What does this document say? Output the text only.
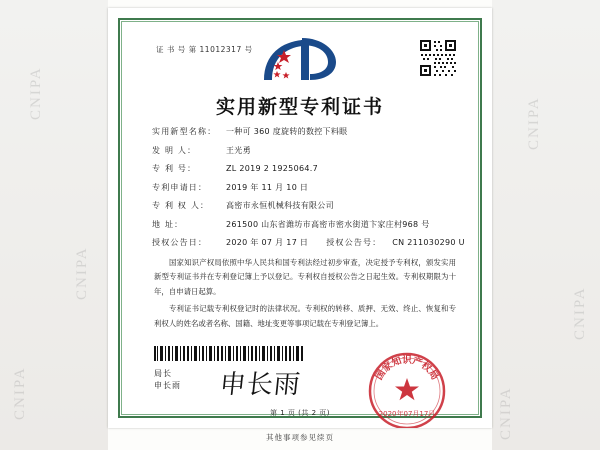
CNIPA
CNIPA
CNIPA
CNIPA
CNIPA
CNIPA
证 书 号 第 11012317 号
实用新型专利证书
实用新型名称：	一种可 360 度旋转的数控下料眼
发 明 人：	王光勇
专 利 号：	ZL 2019 2 1925064.7
专利申请日：	2019 年 11 月 10 日
专 利 权 人：	高密市永恒机械科技有限公司
地 址：	261500 山东省潍坊市高密市密水街道卞家庄村968 号
授权公告日：	2020 年 07 月 17 日 授权公告号：	CN 211030290 U

国家知识产权局依照中华人民共和国专利法经过初步审查，决定授予专利权，颁发实用新型专利证书并在专利登记簿上予以登记。专利权自授权公告之日起生效。专利权期限为十年，自申请日起算。

专利证书记载专利权登记时的法律状况。专利权的转移、质押、无效、终止、恢复和专利权人的姓名或者名称、国籍、地址变更等事项记载在专利登记簿上。

局长
申长雨 申长雨	国家知识产权局
2020年07月17日
第 1 页 (共 2 页)
其他事项参见续页
